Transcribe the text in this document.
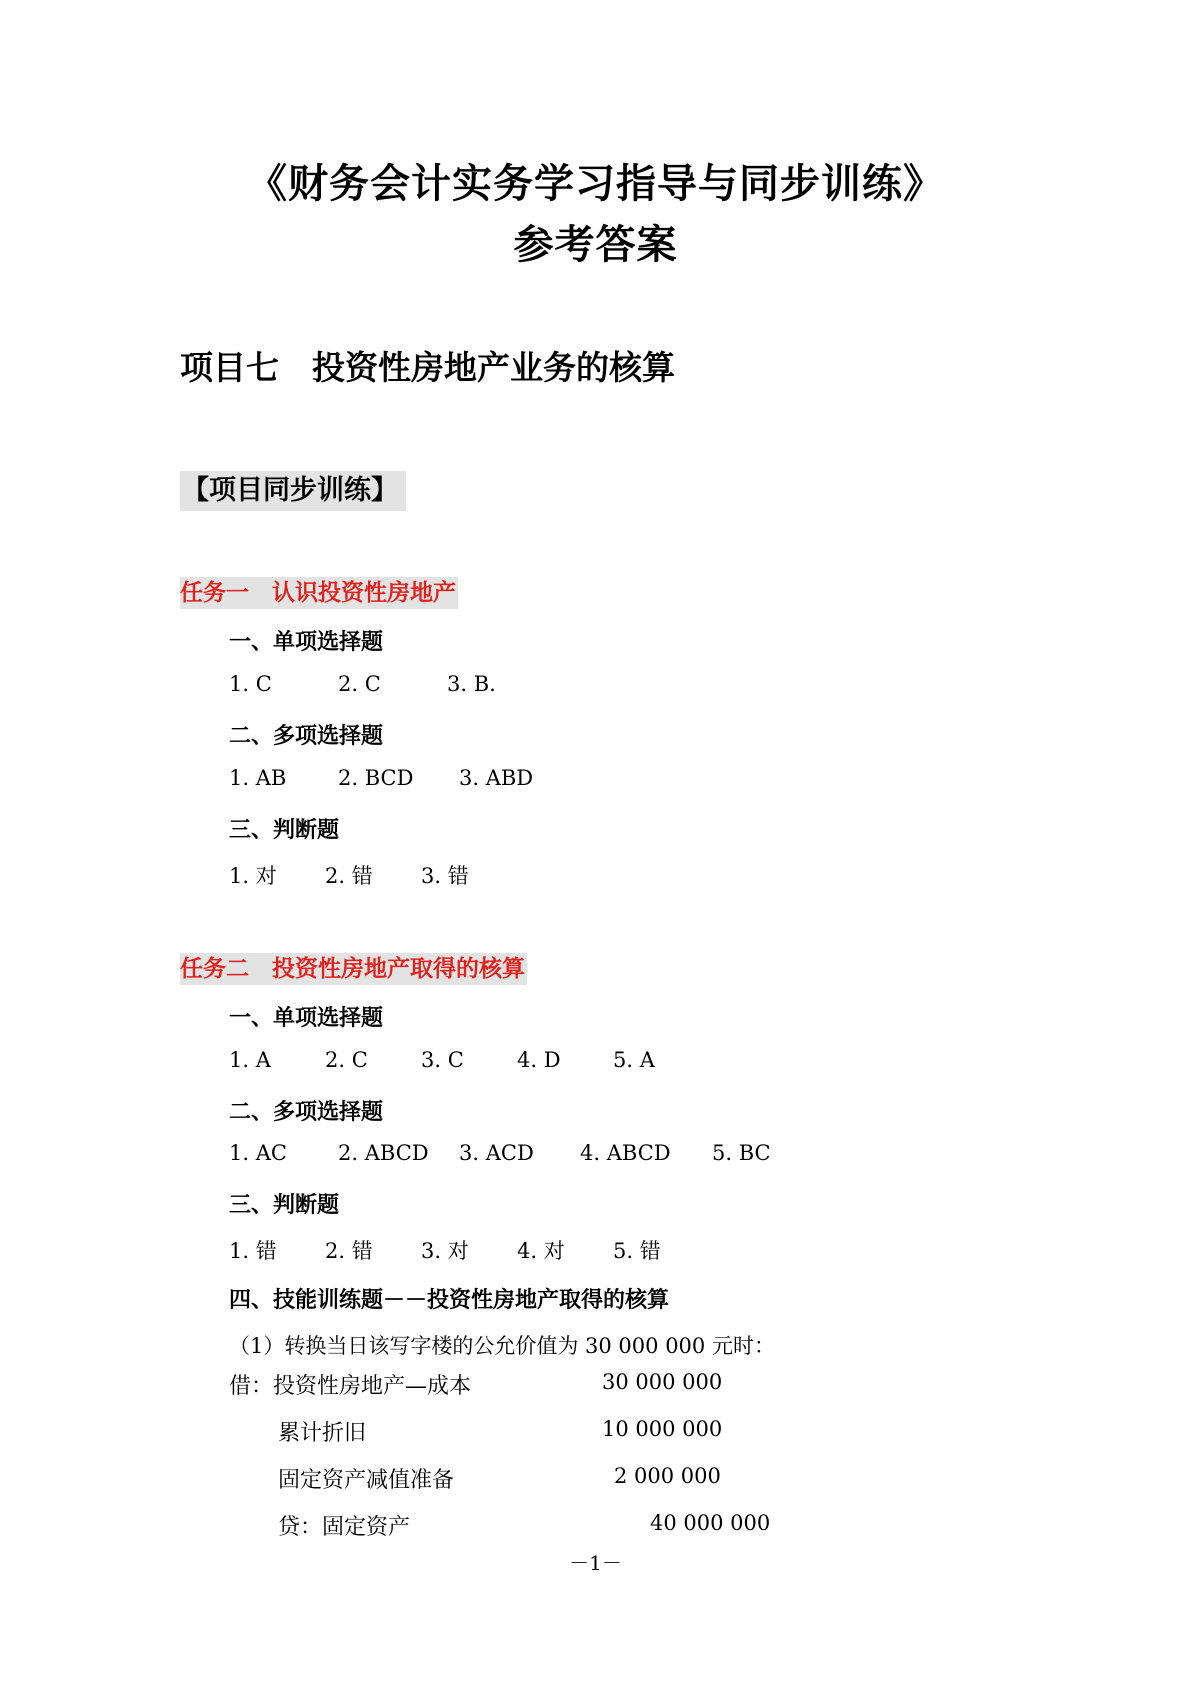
《财务会计实务学习指导与同步训练》
参考答案
项目七　投资性房地产业务的核算
【项目同步训练】
任务一　认识投资性房地产
一、单项选择题
1. C	2. C	3. B.
二、多项选择题
1. AB	2. BCD	3. ABD
三、判断题
1. 对	2. 错	3. 错
任务二　投资性房地产取得的核算
一、单项选择题
1. A	2. C	3. C	4. D	5. A
二、多项选择题
1. AC	2. ABCD	3. ACD	4. ABCD	5. BC
三、判断题
1. 错	2. 错	3. 对	4. 对	5. 错
四、技能训练题－－投资性房地产取得的核算
（1）转换当日该写字楼的公允价值为 30 000 000 元时：
借：投资性房地产—成本	30 000 000
累计折旧	10 000 000
固定资产减值准备	2 000 000
贷：固定资产	40 000 000
－1－
